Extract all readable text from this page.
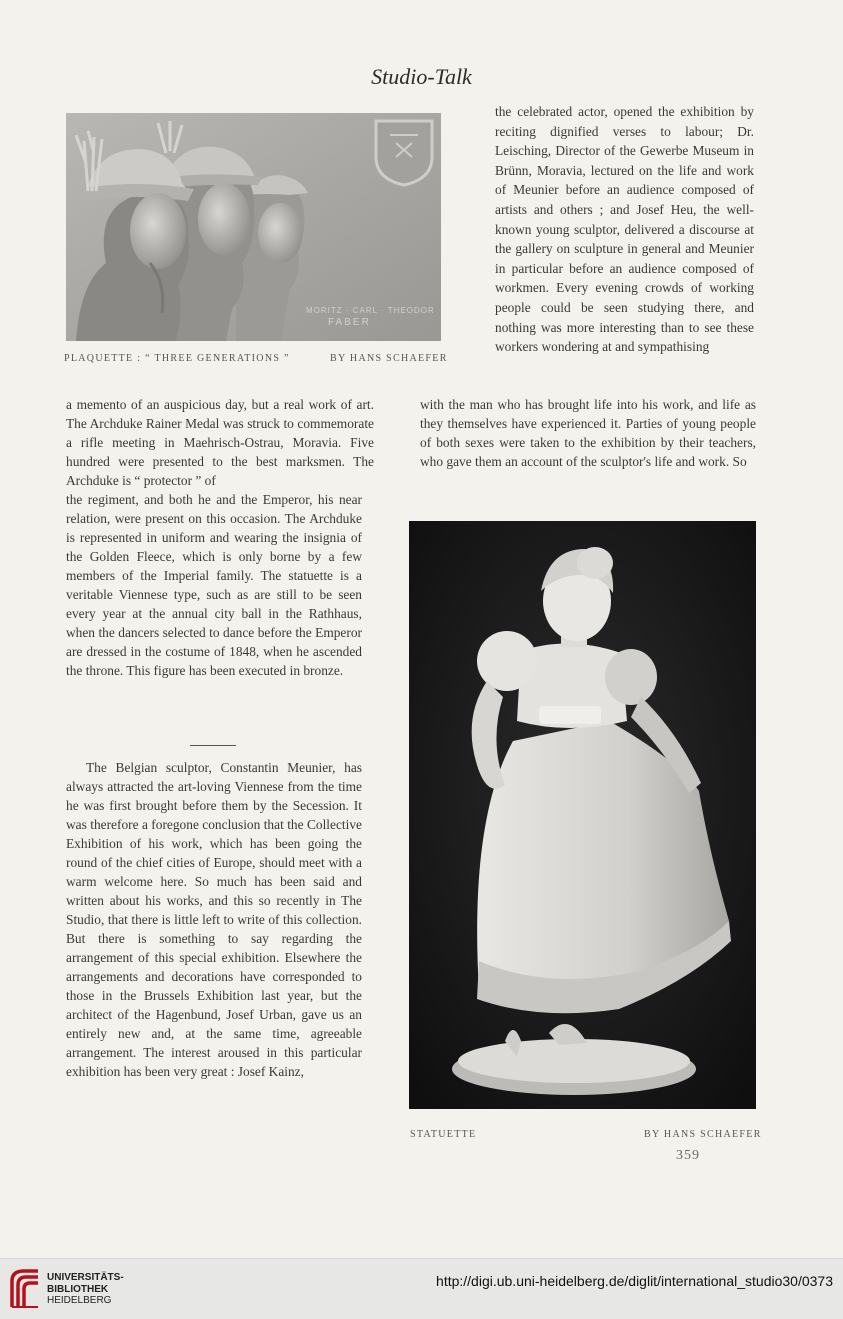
Studio-Talk
MORITZ · CARL · THEODOR
FABER
PLAQUETTE : “ THREE GENERATIONS ”	BY HANS SCHAEFER

the celebrated actor, opened the exhibition by reciting dignified verses to labour; Dr. Leisching, Director of the Gewerbe Museum in Brünn, Moravia, lectured on the life and work of Meunier before an audience composed of artists and others ; and Josef Heu, the well-known young sculptor, delivered a discourse at the gallery on sculpture in general and Meunier in particular before an audience composed of workmen. Every evening crowds of working people could be seen studying there, and nothing was more interesting than to see these workers wondering at and sympathising

a memento of an auspicious day, but a real work of art. The Archduke Rainer Medal was struck to commemorate a rifle meeting in Maehrisch-Ostrau, Moravia. Five hundred were presented to the best marksmen. The Archduke is “ protector ” of

with the man who has brought life into his work, and life as they themselves have experienced it. Parties of young people of both sexes were taken to the exhibition by their teachers, who gave them an account of the sculptor's life and work. So

the regiment, and both he and the Emperor, his near relation, were present on this occasion. The Archduke is represented in uniform and wearing the insignia of the Golden Fleece, which is only borne by a few members of the Imperial family. The statuette is a veritable Viennese type, such as are still to be seen every year at the annual city ball in the Rathhaus, when the dancers selected to dance before the Emperor are dressed in the costume of 1848, when he ascended the throne. This figure has been executed in bronze.

The Belgian sculptor, Constantin Meunier, has always attracted the art-loving Viennese from the time he was first brought before them by the Secession. It was therefore a foregone conclusion that the Collective Exhibition of his work, which has been going the round of the chief cities of Europe, should meet with a warm welcome here. So much has been said and written about his works, and this so recently in The Studio, that there is little left to write of this collection. But there is something to say regarding the arrangement of this special exhibition. Elsewhere the arrangements and decorations have corresponded to those in the Brussels Exhibition last year, but the architect of the Hagenbund, Josef Urban, gave us an entirely new and, at the same time, agreeable arrangement. The interest aroused in this particular exhibition has been very great : Josef Kainz,

STATUETTE	BY HANS SCHAEFER
359
UNIVERSITÄTS-
BIBLIOTHEK
HEIDELBERG
http://digi.ub.uni-heidelberg.de/diglit/international_studio30/0373
